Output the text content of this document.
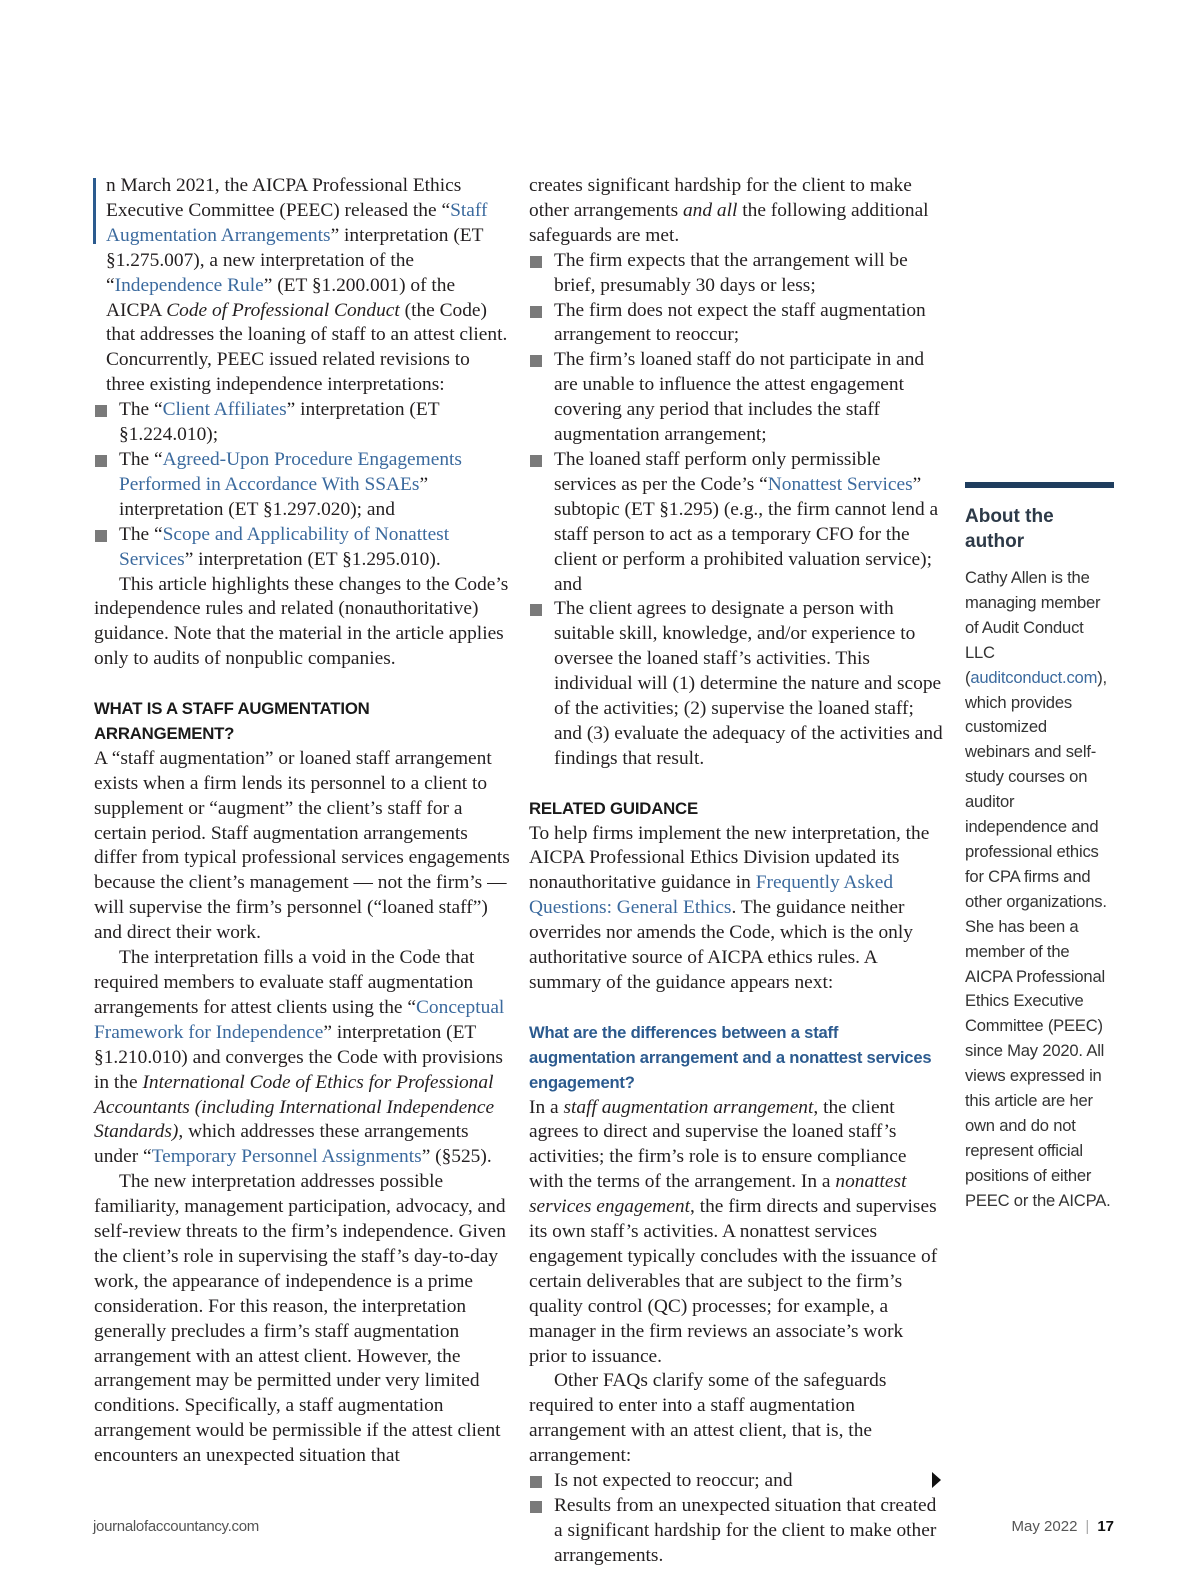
n March 2021, the AICPA Professional Ethics Executive Committee (PEEC) released the “Staff Augmentation Arrangements” interpretation (ET §1.275.007), a new interpretation of the “Independence Rule” (ET §1.200.001) of the AICPA Code of Professional Conduct (the Code) that addresses the loaning of staff to an attest client. Concurrently, PEEC issued related revisions to three existing independence interpretations:

The “Client Affiliates” interpretation (ET §1.224.010);
The “Agreed-Upon Procedure Engagements Performed in Accordance With SSAEs” interpretation (ET §1.297.020); and
The “Scope and Applicability of Nonattest Services” interpretation (ET §1.295.010).

This article highlights these changes to the Code’s independence rules and related (nonauthoritative) guidance. Note that the material in the article applies only to audits of nonpublic companies.

WHAT IS A STAFF AUGMENTATION ARRANGEMENT?

A “staff augmentation” or loaned staff arrangement exists when a firm lends its personnel to a client to supplement or “augment” the client’s staff for a certain period. Staff augmentation arrangements differ from typical professional services engagements because the client’s management — not the firm’s — will supervise the firm’s personnel (“loaned staff”) and direct their work.

The interpretation fills a void in the Code that required members to evaluate staff augmentation arrangements for attest clients using the “Conceptual Framework for Independence” interpretation (ET §1.210.010) and converges the Code with provisions in the International Code of Ethics for Professional Accountants (including International Independence Standards), which addresses these arrangements under “Temporary Personnel Assignments” (§525).

The new interpretation addresses possible familiarity, management participation, advocacy, and self-review threats to the firm’s independence. Given the client’s role in supervising the staff’s day-to-day work, the appearance of independence is a prime consideration. For this reason, the interpretation generally precludes a firm’s staff augmentation arrangement with an attest client. However, the arrangement may be permitted under very limited conditions. Specifically, a staff augmentation arrangement would be permissible if the attest client encounters an unexpected situation that

creates significant hardship for the client to make other arrangements and all the following additional safeguards are met.

The firm expects that the arrangement will be brief, presumably 30 days or less;
The firm does not expect the staff augmentation arrangement to reoccur;
The firm’s loaned staff do not participate in and are unable to influence the attest engagement covering any period that includes the staff augmentation arrangement;
The loaned staff perform only permissible services as per the Code’s “Nonattest Services” subtopic (ET §1.295) (e.g., the firm cannot lend a staff person to act as a temporary CFO for the client or perform a prohibited valuation service); and
The client agrees to designate a person with suitable skill, knowledge, and/or experience to oversee the loaned staff’s activities. This individual will (1) determine the nature and scope of the activities; (2) supervise the loaned staff; and (3) evaluate the adequacy of the activities and findings that result.
RELATED GUIDANCE

To help firms implement the new interpretation, the AICPA Professional Ethics Division updated its nonauthoritative guidance in Frequently Asked Questions: General Ethics. The guidance neither overrides nor amends the Code, which is the only authoritative source of AICPA ethics rules. A summary of the guidance appears next:

What are the differences between a staff augmentation arrangement and a nonattest services engagement?

In a staff augmentation arrangement, the client agrees to direct and supervise the loaned staff’s activities; the firm’s role is to ensure compliance with the terms of the arrangement. In a nonattest services engagement, the firm directs and supervises its own staff’s activities. A nonattest services engagement typically concludes with the issuance of certain deliverables that are subject to the firm’s quality control (QC) processes; for example, a manager in the firm reviews an associate’s work prior to issuance.

Other FAQs clarify some of the safeguards required to enter into a staff augmentation arrangement with an attest client, that is, the arrangement:

Is not expected to reoccur; and
Results from an unexpected situation that created a significant hardship for the client to make other arrangements.
About the author

Cathy Allen is the managing member of Audit Conduct LLC (auditconduct.com), which provides customized webinars and self-study courses on auditor independence and professional ethics for CPA firms and other organizations. She has been a member of the AICPA Professional Ethics Executive Committee (PEEC) since May 2020. All views expressed in this article are her own and do not represent official positions of either PEEC or the AICPA.

journalofaccountancy.com	May 2022 | 17
